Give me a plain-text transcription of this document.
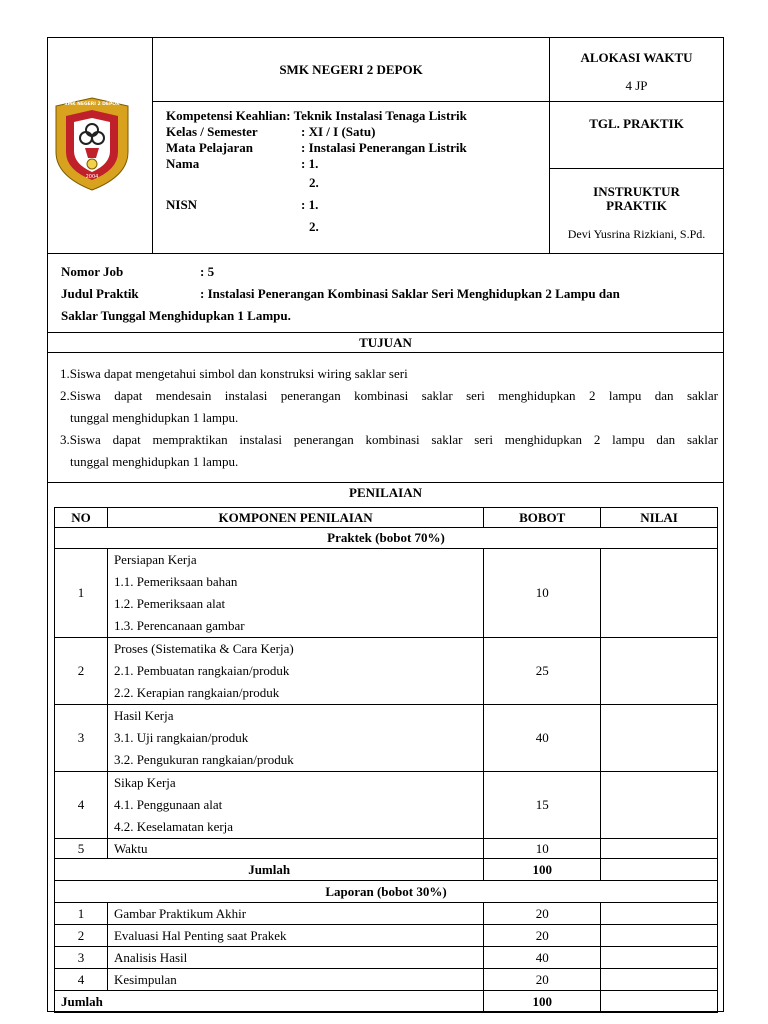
SMK NEGERI 2 DEPOK
2004
SMK NEGERI 2 DEPOK
Kompetensi Keahlian: Teknik Instalasi Tenaga Listrik
Kelas / Semester	: XI / I (Satu)
Mata Pelajaran	: Instalasi Penerangan Listrik
Nama	: 1.
2.
NISN	: 1.
2.
ALOKASI WAKTU
4 JP
TGL. PRAKTIK
INSTRUKTUR PRAKTIK
Devi Yusrina Rizkiani, S.Pd.
Nomor Job	: 5
Judul Praktik	: Instalasi Penerangan Kombinasi Saklar Seri Menghidupkan 2 Lampu dan
Saklar Tunggal Menghidupkan 1 Lampu.
TUJUAN
1.Siswa dapat mengetahui simbol dan konstruksi wiring saklar seri
2.Siswa dapat mendesain instalasi penerangan kombinasi saklar seri menghidupkan 2 lampu dan saklar
tunggal menghidupkan 1 lampu.
3.Siswa dapat mempraktikan instalasi penerangan kombinasi saklar seri menghidupkan 2 lampu dan saklar
tunggal menghidupkan 1 lampu.
PENILAIAN
NO	KOMPONEN PENILAIAN	BOBOT	NILAI
Praktek (bobot 70%)			
1	Persiapan Kerja
1.1. Pemeriksaan bahan
1.2. Pemeriksaan alat
1.3. Perencanaan gambar	10	
2	Proses (Sistematika & Cara Kerja)
2.1. Pembuatan rangkaian/produk
2.2. Kerapian rangkaian/produk	25	
3	Hasil Kerja
3.1. Uji rangkaian/produk
3.2. Pengukuran rangkaian/produk	40	
4	Sikap Kerja
4.1. Penggunaan alat
4.2. Keselamatan kerja	15	
5	Waktu	10	
Jumlah		100	
Laporan (bobot 30%)			
1	Gambar Praktikum Akhir	20	
2	Evaluasi Hal Penting saat Prakek	20	
3	Analisis Hasil	40	
4	Kesimpulan	20	
Jumlah		100	
